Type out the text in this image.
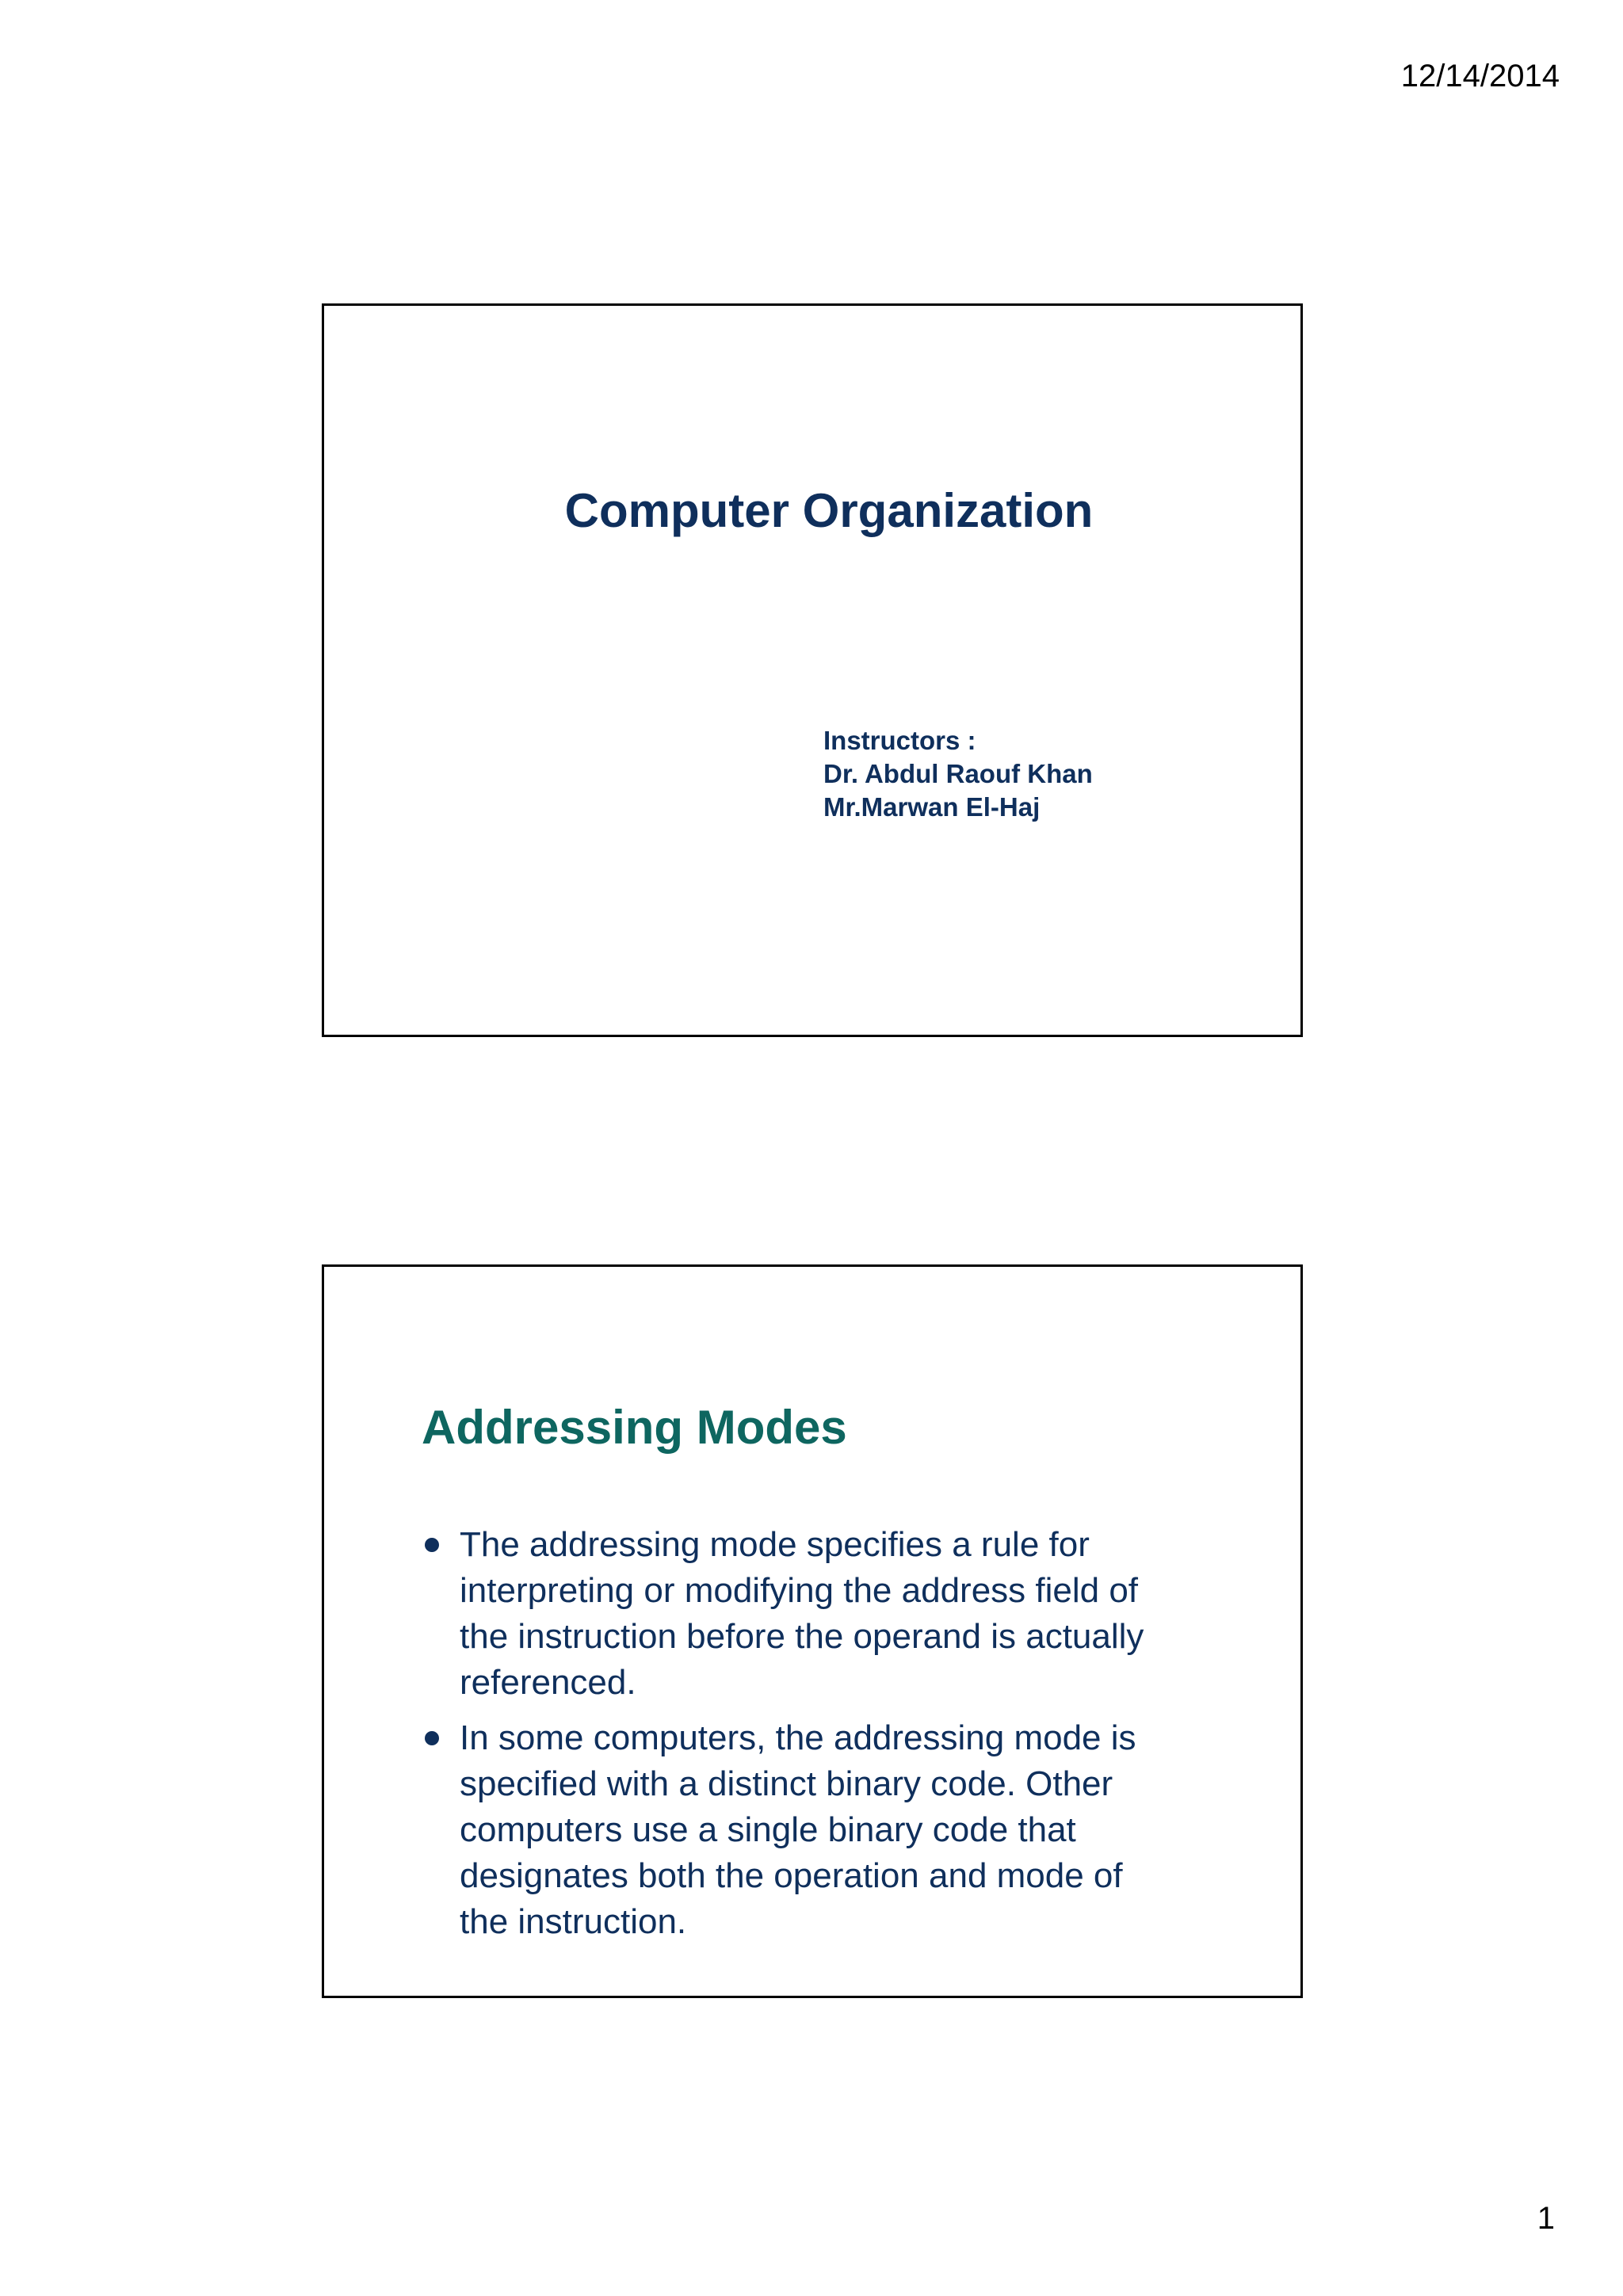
12/14/2014
Computer Organization
Instructors :
Dr. Abdul Raouf Khan
Mr.Marwan El-Haj
Addressing Modes
The addressing mode specifies a rule for
interpreting or modifying the address field of
the instruction before the operand is actually
referenced.
In some computers, the addressing mode is
specified with a distinct binary code. Other
computers use a single binary code that
designates both the operation and mode of
the instruction.
1
